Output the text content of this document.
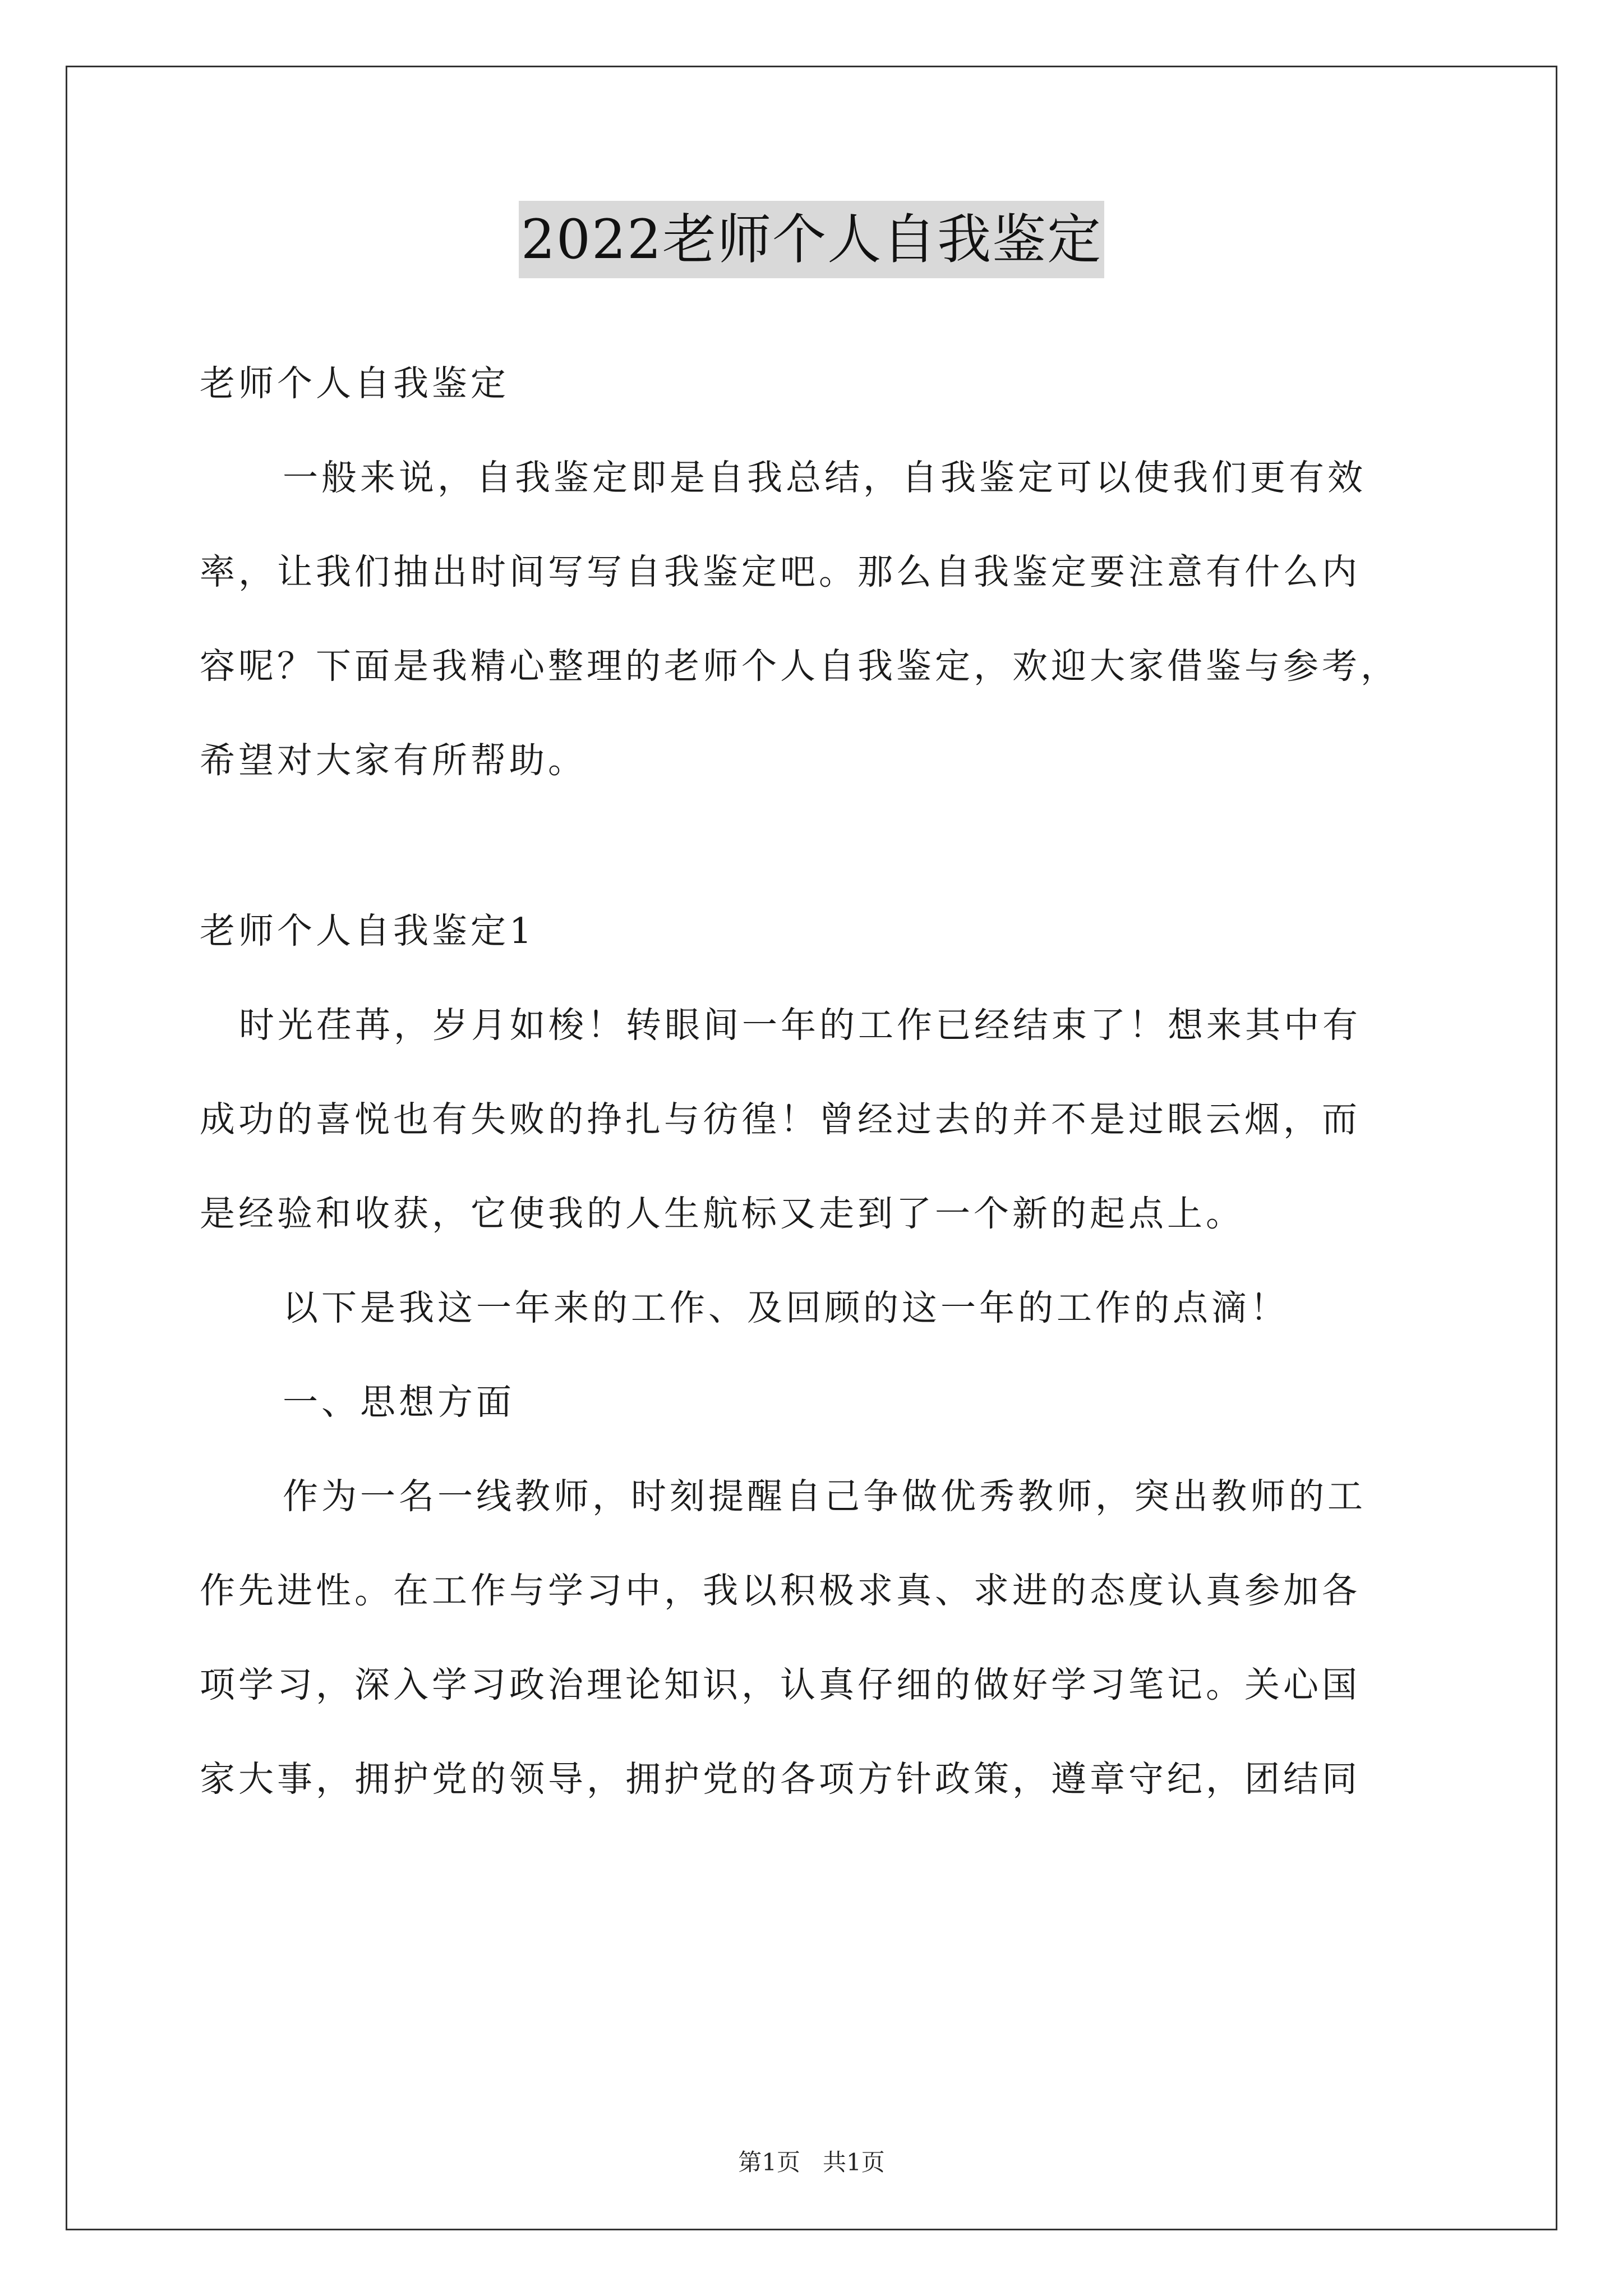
2022老师个人自我鉴定
老师个人自我鉴定
一般来说，自我鉴定即是自我总结，自我鉴定可以使我们更有效
率，让我们抽出时间写写自我鉴定吧。那么自我鉴定要注意有什么内
容呢？下面是我精心整理的老师个人自我鉴定，欢迎大家借鉴与参考，
希望对大家有所帮助。
老师个人自我鉴定1
时光荏苒，岁月如梭！转眼间一年的工作已经结束了！想来其中有
成功的喜悦也有失败的挣扎与彷徨！曾经过去的并不是过眼云烟，而
是经验和收获，它使我的人生航标又走到了一个新的起点上。
以下是我这一年来的工作、及回顾的这一年的工作的点滴！
一、思想方面
作为一名一线教师，时刻提醒自己争做优秀教师，突出教师的工
作先进性。在工作与学习中，我以积极求真、求进的态度认真参加各
项学习，深入学习政治理论知识，认真仔细的做好学习笔记。关心国
家大事，拥护党的领导，拥护党的各项方针政策，遵章守纪，团结同
第1页 共1页
